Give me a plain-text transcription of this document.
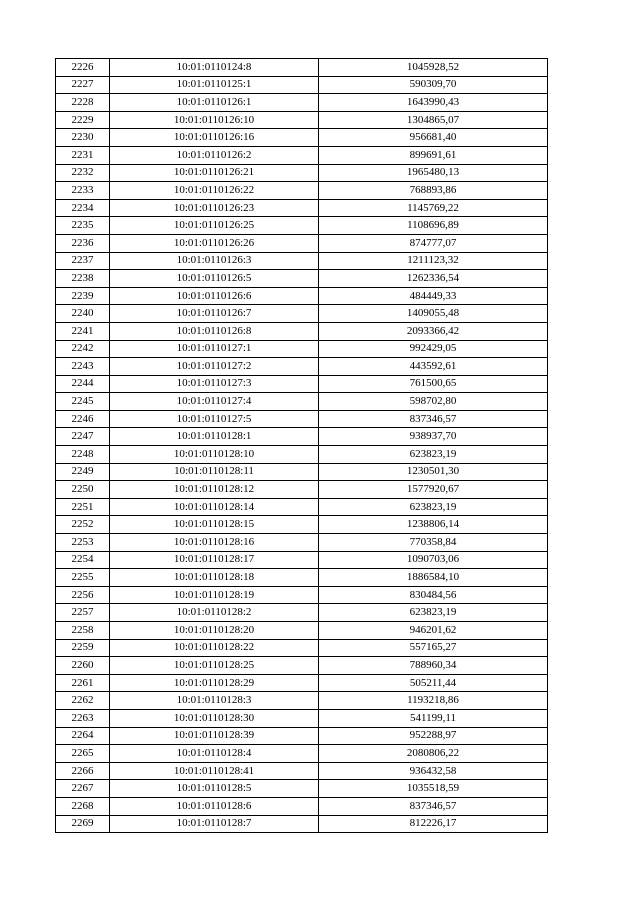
2226	10:01:0110124:8	1045928,52
2227	10:01:0110125:1	590309,70
2228	10:01:0110126:1	1643990,43
2229	10:01:0110126:10	1304865,07
2230	10:01:0110126:16	956681,40
2231	10:01:0110126:2	899691,61
2232	10:01:0110126:21	1965480,13
2233	10:01:0110126:22	768893,86
2234	10:01:0110126:23	1145769,22
2235	10:01:0110126:25	1108696,89
2236	10:01:0110126:26	874777,07
2237	10:01:0110126:3	1211123,32
2238	10:01:0110126:5	1262336,54
2239	10:01:0110126:6	484449,33
2240	10:01:0110126:7	1409055,48
2241	10:01:0110126:8	2093366,42
2242	10:01:0110127:1	992429,05
2243	10:01:0110127:2	443592,61
2244	10:01:0110127:3	761500,65
2245	10:01:0110127:4	598702,80
2246	10:01:0110127:5	837346,57
2247	10:01:0110128:1	938937,70
2248	10:01:0110128:10	623823,19
2249	10:01:0110128:11	1230501,30
2250	10:01:0110128:12	1577920,67
2251	10:01:0110128:14	623823,19
2252	10:01:0110128:15	1238806,14
2253	10:01:0110128:16	770358,84
2254	10:01:0110128:17	1090703,06
2255	10:01:0110128:18	1886584,10
2256	10:01:0110128:19	830484,56
2257	10:01:0110128:2	623823,19
2258	10:01:0110128:20	946201,62
2259	10:01:0110128:22	557165,27
2260	10:01:0110128:25	788960,34
2261	10:01:0110128:29	505211,44
2262	10:01:0110128:3	1193218,86
2263	10:01:0110128:30	541199,11
2264	10:01:0110128:39	952288,97
2265	10:01:0110128:4	2080806,22
2266	10:01:0110128:41	936432,58
2267	10:01:0110128:5	1035518,59
2268	10:01:0110128:6	837346,57
2269	10:01:0110128:7	812226,17
